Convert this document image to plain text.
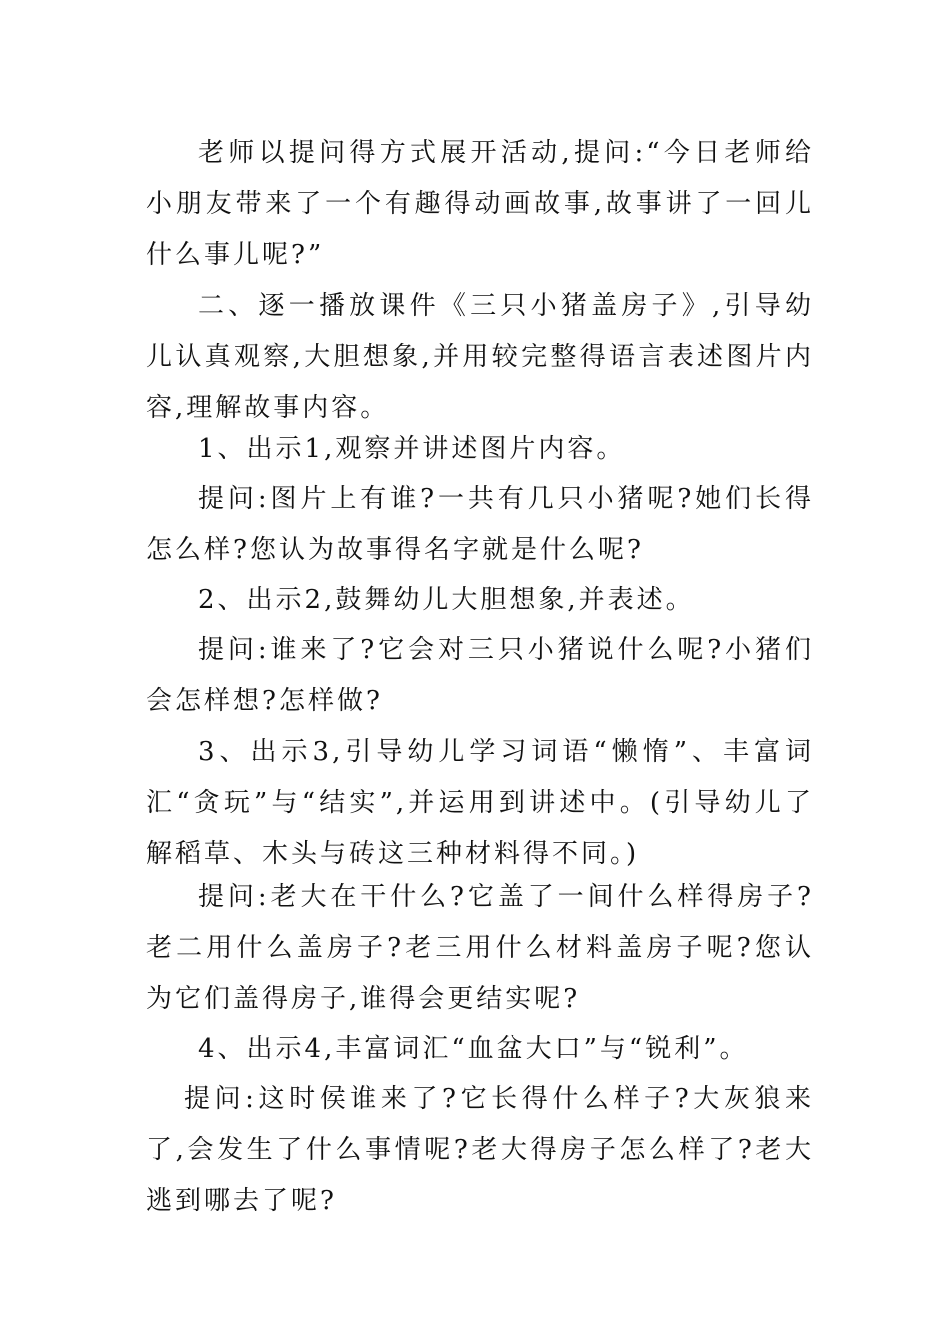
老师以提问得方式展开活动,提问:“今日老师给小朋友带来了一个有趣得动画故事,故事讲了一回儿什么事儿呢?”

二、逐一播放课件《三只小猪盖房子》,引导幼儿认真观察,大胆想象,并用较完整得语言表述图片内容,理解故事内容。

1、出示1,观察并讲述图片内容。

提问:图片上有谁?一共有几只小猪呢?她们长得怎么样?您认为故事得名字就是什么呢?

2、出示2,鼓舞幼儿大胆想象,并表述。

提问:谁来了?它会对三只小猪说什么呢?小猪们会怎样想?怎样做?

3、出示3,引导幼儿学习词语“懒惰”、丰富词汇“贪玩”与“结实”,并运用到讲述中。(引导幼儿了解稻草、木头与砖这三种材料得不同。)

提问:老大在干什么?它盖了一间什么样得房子?老二用什么盖房子?老三用什么材料盖房子呢?您认为它们盖得房子,谁得会更结实呢?

4、出示4,丰富词汇“血盆大口”与“锐利”。

提问:这时侯谁来了?它长得什么样子?大灰狼来了,会发生了什么事情呢?老大得房子怎么样了?老大逃到哪去了呢?
